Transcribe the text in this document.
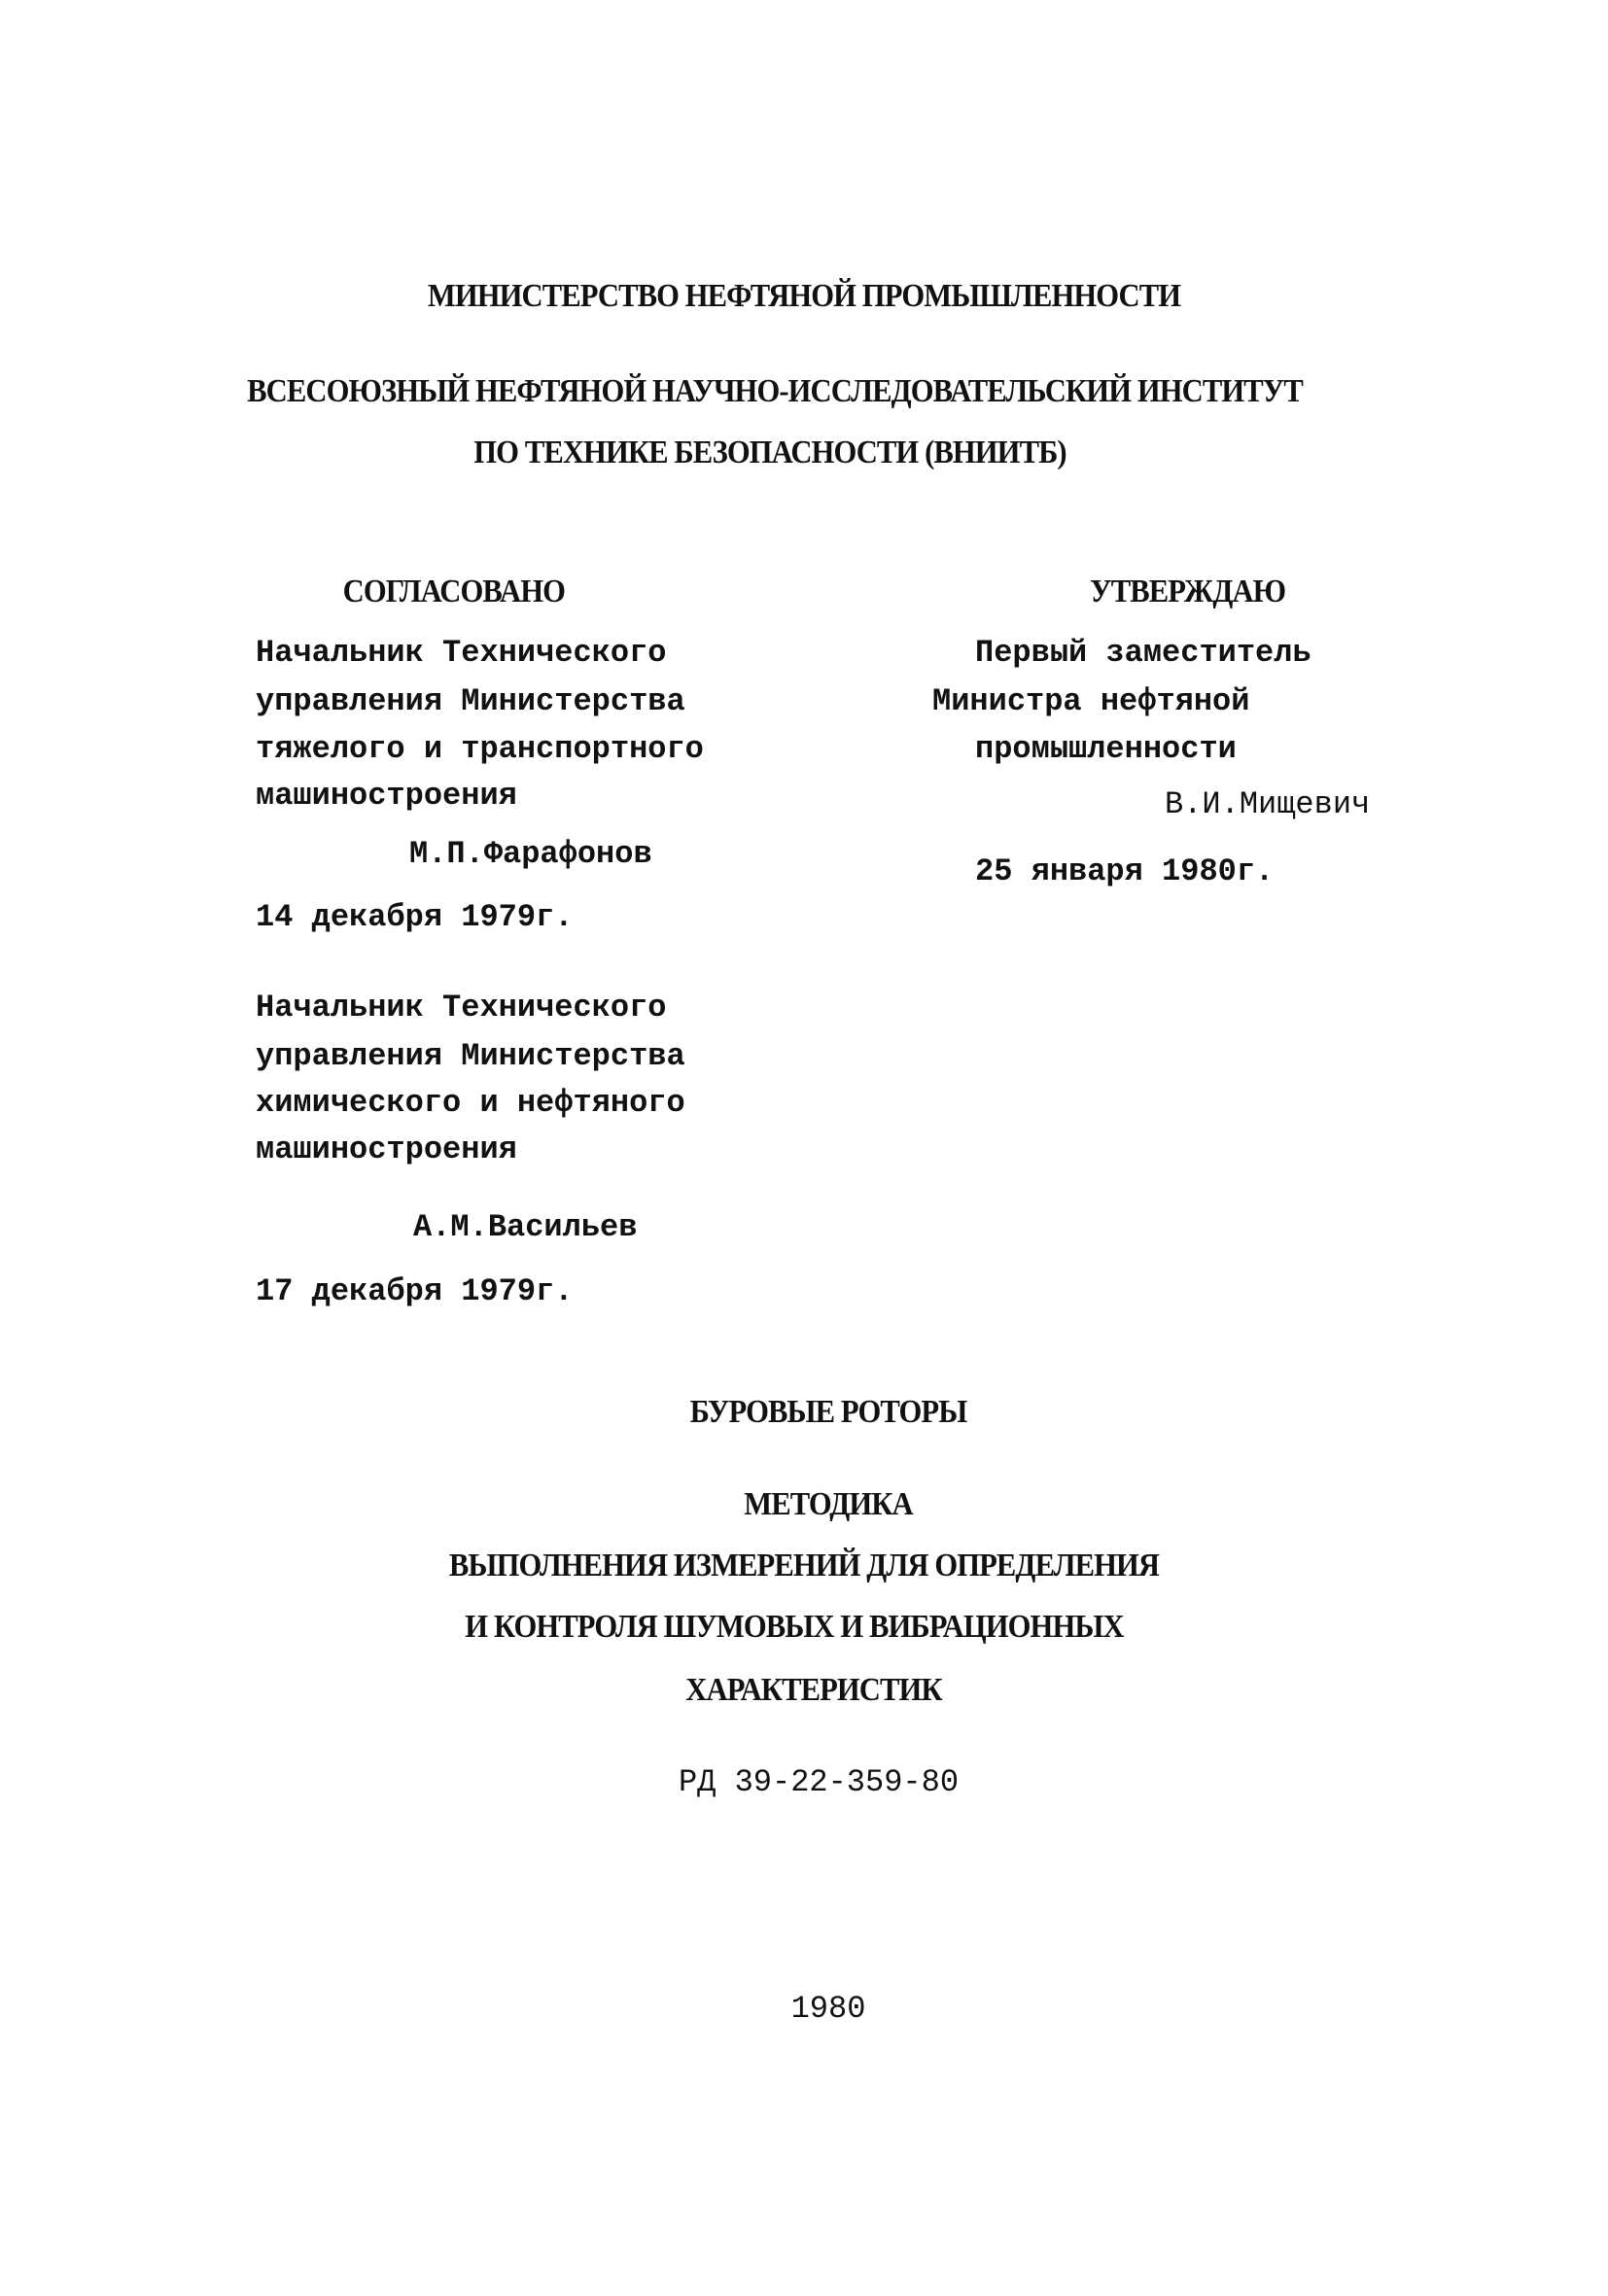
МИНИСТЕРСТВО НЕФТЯНОЙ ПРОМЫШЛЕННОСТИ
ВСЕСОЮЗНЫЙ НЕФТЯНОЙ НАУЧНО-ИССЛЕДОВАТЕЛЬСКИЙ ИНСТИТУТ
ПО ТЕХНИКЕ БЕЗОПАСНОСТИ (ВНИИТБ)
СОГЛАСОВАНО
Начальник Технического
управления Министерства
тяжелого и транспортного
машиностроения
М.П.Фарафонов
14 декабря 1979г.
Начальник Технического
управления Министерства
химического и нефтяного
машиностроения
А.М.Васильев
17 декабря 1979г.
УТВЕРЖДАЮ
Первый заместитель
Министра нефтяной
промышленности
В.И.Мищевич
25 января 1980г.
БУРОВЫЕ РОТОРЫ
МЕТОДИКА
ВЫПОЛНЕНИЯ ИЗМЕРЕНИЙ ДЛЯ ОПРЕДЕЛЕНИЯ
И КОНТРОЛЯ ШУМОВЫХ И ВИБРАЦИОННЫХ
ХАРАКТЕРИСТИК
РД 39-22-359-80
1980
